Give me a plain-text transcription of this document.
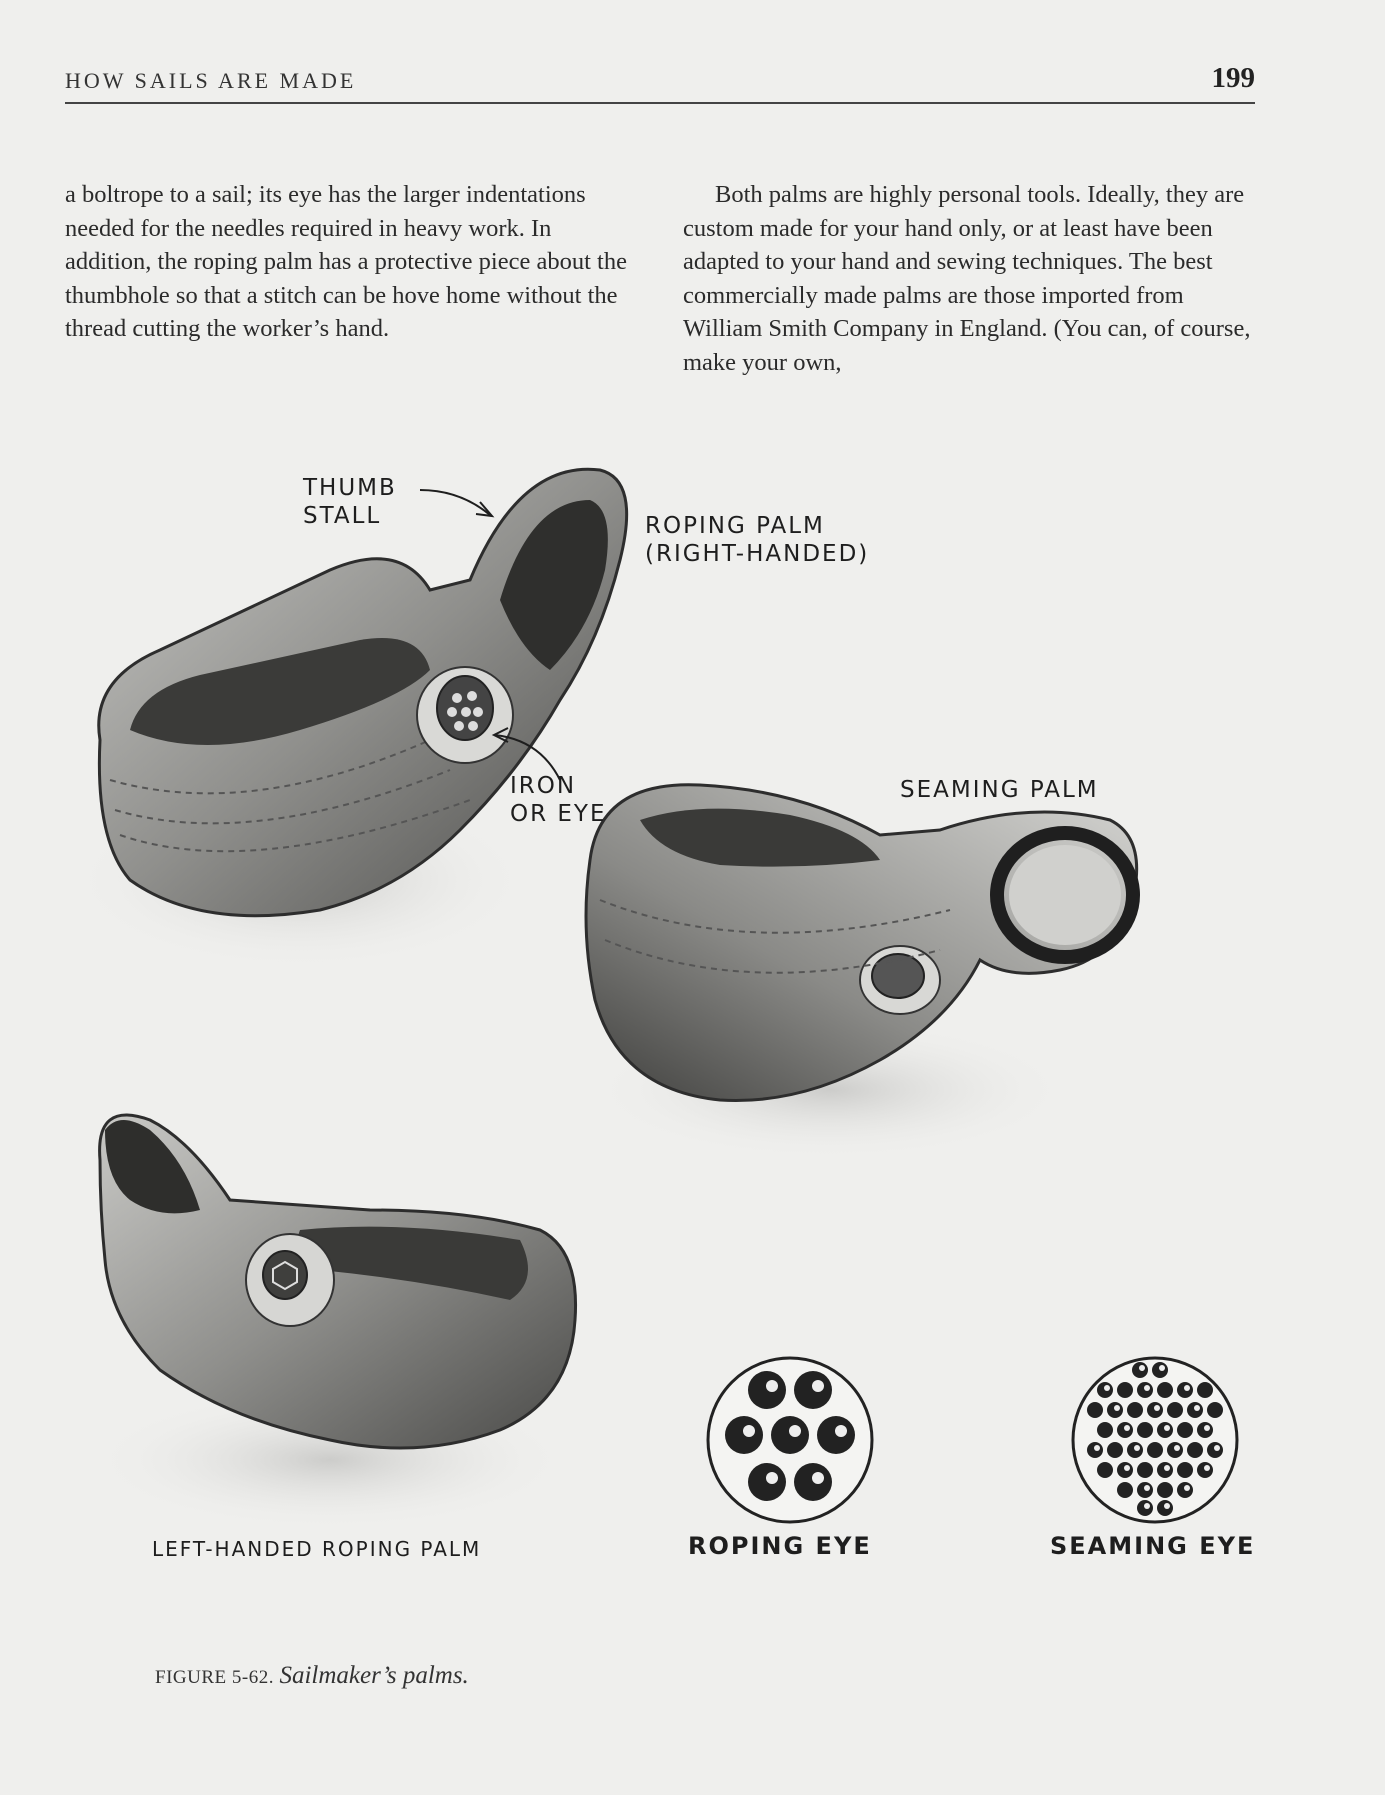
HOW SAILS ARE MADE	199

a boltrope to a sail; its eye has the larger indentations needed for the needles required in heavy work. In addition, the roping palm has a protective piece about the thumbhole so that a stitch can be hove home without the thread cutting the worker’s hand.

Both palms are highly personal tools. Ideally, they are custom made for your hand only, or at least have been adapted to your hand and sewing techniques. The best commercially made palms are those imported from William Smith Company in England. (You can, of course, make your own,

THUMB
STALL	ROPING PALM
(RIGHT-HANDED)
IRON
OR EYE
SEAMING PALM
LEFT-HANDED ROPING PALM	ROPING EYE	SEAMING EYE
FIGURE 5-62. Sailmaker’s palms.
